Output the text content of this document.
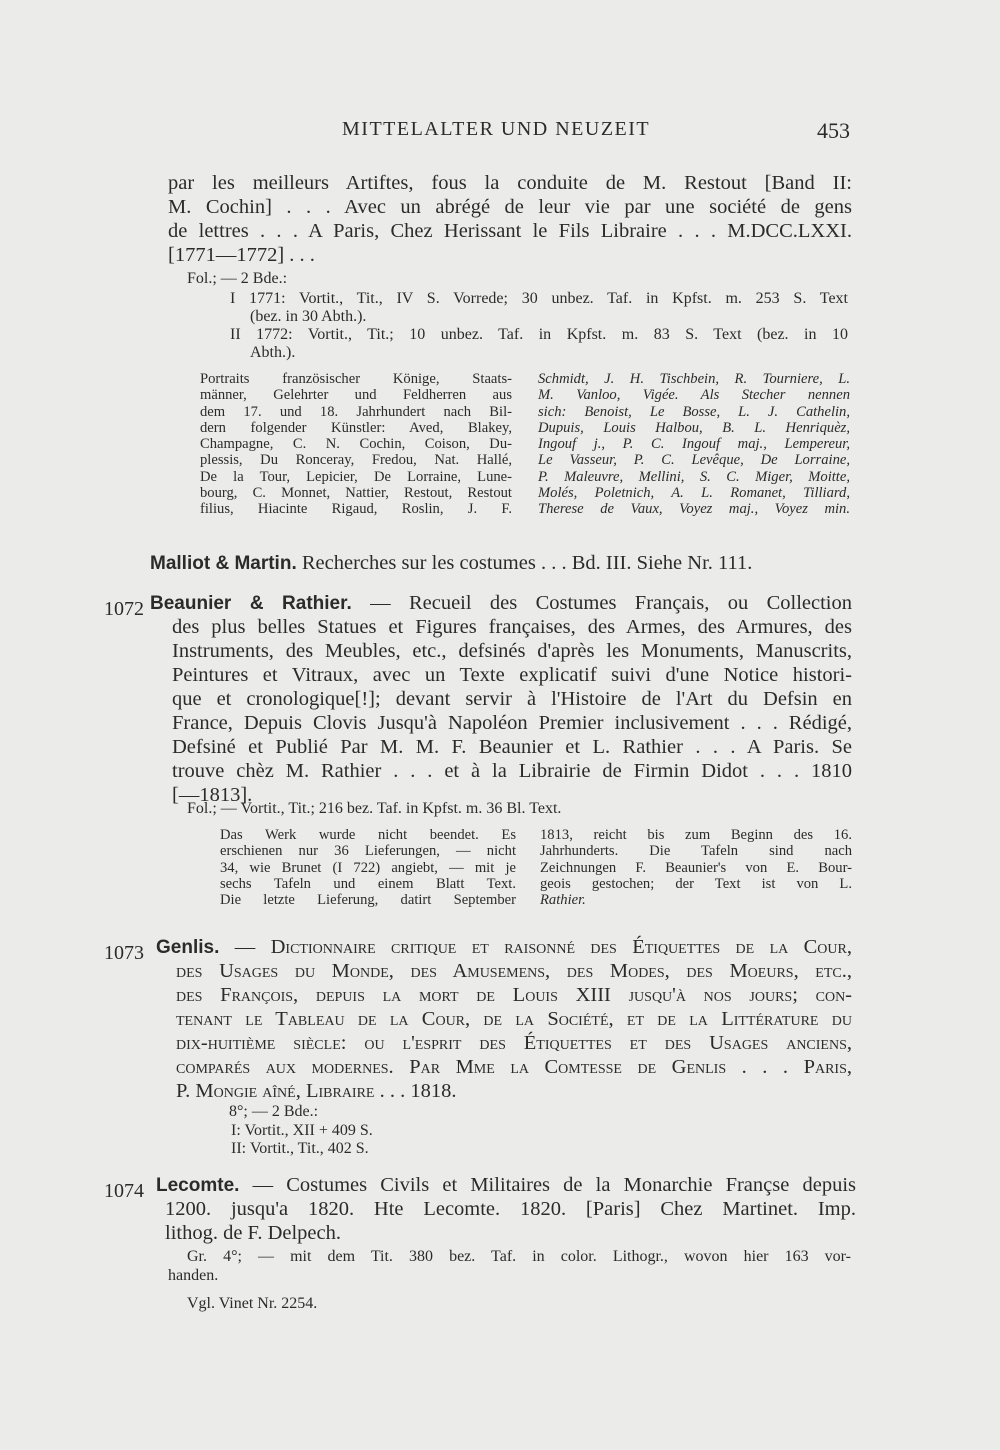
MITTELALTER UND NEUZEIT	453
par les meilleurs Artiftes, fous la conduite de M. Restout [Band II:
M. Cochin] . . . Avec un abrégé de leur vie par une société de gens
de lettres . . . A Paris, Chez Herissant le Fils Libraire . . . M.DCC.LXXI.
[1771—1772] . . .
Fol.; — 2 Bde.:
I 1771: Vortit., Tit., IV S. Vorrede; 30 unbez. Taf. in Kpfst. m. 253 S. Text
(bez. in 30 Abth.).
II 1772: Vortit., Tit.; 10 unbez. Taf. in Kpfst. m. 83 S. Text (bez. in 10
Abth.).
Portraits französischer Könige, Staats-
männer, Gelehrter und Feldherren aus
dem 17. und 18. Jahrhundert nach Bil-
dern folgender Künstler: Aved, Blakey,
Champagne, C. N. Cochin, Coison, Du-
plessis, Du Ronceray, Fredou, Nat. Hallé,
De la Tour, Lepicier, De Lorraine, Lune-
bourg, C. Monnet, Nattier, Restout, Restout
filius, Hiacinte Rigaud, Roslin, J. F.
Schmidt, J. H. Tischbein, R. Tourniere, L.
M. Vanloo, Vigée. Als Stecher nennen
sich: Benoist, Le Bosse, L. J. Cathelin,
Dupuis, Louis Halbou, B. L. Henriquèz,
Ingouf j., P. C. Ingouf maj., Lempereur,
Le Vasseur, P. C. Levêque, De Lorraine,
P. Maleuvre, Mellini, S. C. Miger, Moitte,
Molés, Poletnich, A. L. Romanet, Tilliard,
Therese de Vaux, Voyez maj., Voyez min.
Malliot & Martin. Recherches sur les costumes . . . Bd. III. Siehe Nr. 111.
1072 Beaunier & Rathier. — Recueil des Costumes Français, ou Collection
des plus belles Statues et Figures françaises, des Armes, des Armures, des
Instruments, des Meubles, etc., defsinés d'après les Monuments, Manuscrits,
Peintures et Vitraux, avec un Texte explicatif suivi d'une Notice histori-
que et cronologique[!]; devant servir à l'Histoire de l'Art du Defsin en
France, Depuis Clovis Jusqu'à Napoléon Premier inclusivement . . . Rédigé,
Defsiné et Publié Par M. M. F. Beaunier et L. Rathier . . . A Paris. Se
trouve chèz M. Rathier . . . et à la Librairie de Firmin Didot . . . 1810
[—1813].
Fol.; — Vortit., Tit.; 216 bez. Taf. in Kpfst. m. 36 Bl. Text.
Das Werk wurde nicht beendet. Es
erschienen nur 36 Lieferungen, — nicht
34, wie Brunet (I 722) angiebt, — mit je
sechs Tafeln und einem Blatt Text.
Die letzte Lieferung, datirt September
1813, reicht bis zum Beginn des 16.
Jahrhunderts. Die Tafeln sind nach
Zeichnungen F. Beaunier's von E. Bour-
geois gestochen; der Text ist von L.
Rathier.
1073 Genlis. — Dictionnaire critique et raisonné des Étiquettes de la Cour,
des Usages du Monde, des Amusemens, des Modes, des Moeurs, etc.,
des François, depuis la mort de Louis XIII jusqu'à nos jours; con-
tenant le Tableau de la Cour, de la Société, et de la Littérature du
dix-huitième siècle: ou l'esprit des Étiquettes et des Usages anciens,
comparés aux modernes. Par Mme la Comtesse de Genlis . . . Paris,
P. Mongie aîné, Libraire . . . 1818.
8°; — 2 Bde.:
I: Vortit., XII + 409 S.
II: Vortit., Tit., 402 S.
1074 Lecomte. — Costumes Civils et Militaires de la Monarchie Françse depuis
1200. jusqu'a 1820. Hte Lecomte. 1820. [Paris] Chez Martinet. Imp.
lithog. de F. Delpech.
Gr. 4°; — mit dem Tit. 380 bez. Taf. in color. Lithogr., wovon hier 163 vor-
handen.
Vgl. Vinet Nr. 2254.
